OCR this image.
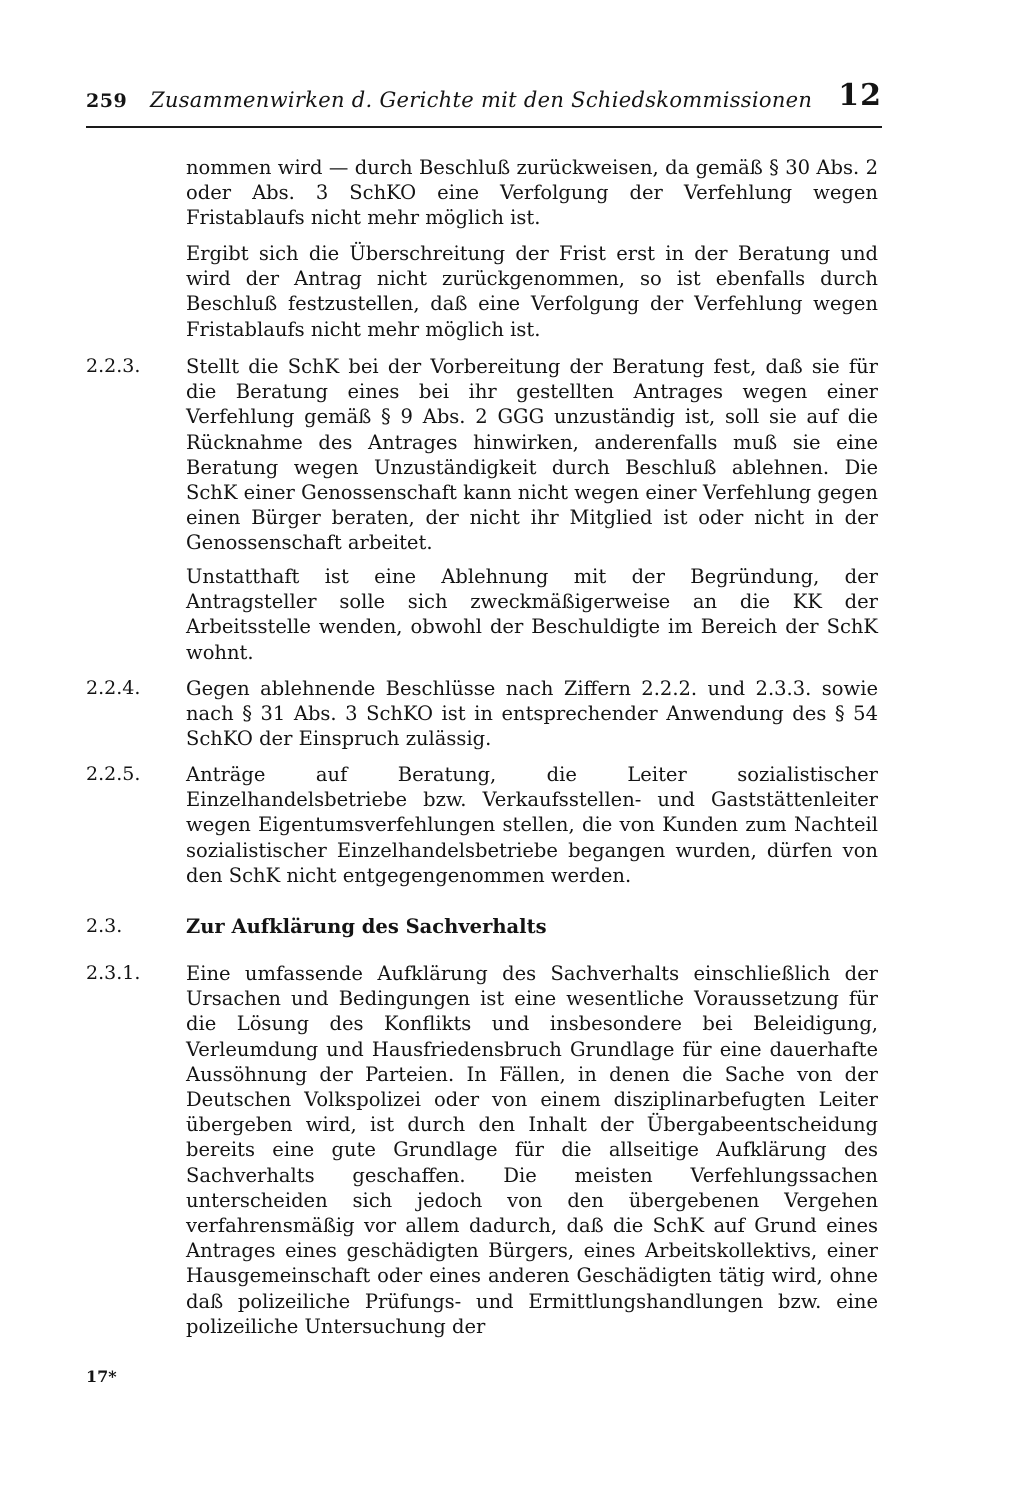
259 Zusammenwirken d. Gerichte mit den Schiedskommissionen 12
nommen wird — durch Beschluß zurückweisen, da gemäß § 30 Abs. 2 oder Abs. 3 SchKO eine Verfolgung der Verfehlung wegen Fristablaufs nicht mehr möglich ist.
Ergibt sich die Überschreitung der Frist erst in der Beratung und wird der Antrag nicht zurückgenommen, so ist ebenfalls durch Beschluß festzustellen, daß eine Verfolgung der Verfehlung wegen Fristablaufs nicht mehr möglich ist.
2.2.3.	Stellt die SchK bei der Vorbereitung der Beratung fest, daß sie für die Beratung eines bei ihr gestellten Antrages wegen einer Verfehlung gemäß § 9 Abs. 2 GGG unzuständig ist, soll sie auf die Rücknahme des Antrages hinwirken, anderenfalls muß sie eine Beratung wegen Unzuständigkeit durch Beschluß ablehnen. Die SchK einer Genossenschaft kann nicht wegen einer Verfehlung gegen einen Bürger beraten, der nicht ihr Mitglied ist oder nicht in der Genossenschaft arbeitet.
Unstatthaft ist eine Ablehnung mit der Begründung, der Antragsteller solle sich zweckmäßigerweise an die KK der Arbeitsstelle wenden, obwohl der Beschuldigte im Bereich der SchK wohnt.
2.2.4.	Gegen ablehnende Beschlüsse nach Ziffern 2.2.2. und 2.3.3. sowie nach § 31 Abs. 3 SchKO ist in entsprechender Anwendung des § 54 SchKO der Einspruch zulässig.
2.2.5.	Anträge auf Beratung, die Leiter sozialistischer Einzelhandelsbetriebe bzw. Verkaufsstellen- und Gaststättenleiter wegen Eigentumsverfehlungen stellen, die von Kunden zum Nachteil sozialistischer Einzelhandelsbetriebe begangen wurden, dürfen von den SchK nicht entgegengenommen werden.
2.3.	Zur Aufklärung des Sachverhalts
2.3.1.	Eine umfassende Aufklärung des Sachverhalts einschließlich der Ursachen und Bedingungen ist eine wesentliche Voraussetzung für die Lösung des Konflikts und insbesondere bei Beleidigung, Verleumdung und Hausfriedensbruch Grundlage für eine dauerhafte Aussöhnung der Parteien. In Fällen, in denen die Sache von der Deutschen Volkspolizei oder von einem disziplinarbefugten Leiter übergeben wird, ist durch den Inhalt der Übergabeentscheidung bereits eine gute Grundlage für die allseitige Aufklärung des Sachverhalts geschaffen. Die meisten Verfehlungssachen unterscheiden sich jedoch von den übergebenen Vergehen verfahrensmäßig vor allem dadurch, daß die SchK auf Grund eines Antrages eines geschädigten Bürgers, eines Arbeitskollektivs, einer Hausgemeinschaft oder eines anderen Geschädigten tätig wird, ohne daß polizeiliche Prüfungs- und Ermittlungshandlungen bzw. eine polizeiliche Untersuchung der
17*
